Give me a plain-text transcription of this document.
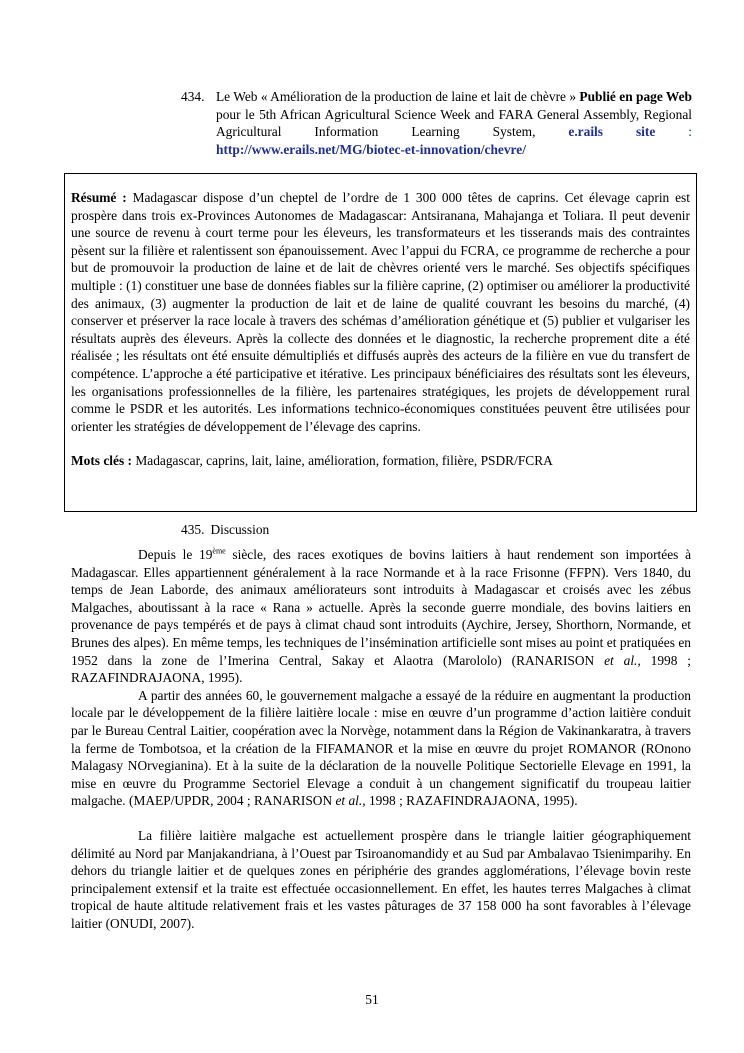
434. Le Web « Amélioration de la production de laine et lait de chèvre » Publié en page Web pour le 5th African Agricultural Science Week and FARA General Assembly, Regional Agricultural Information Learning System, e.rails site : http://www.erails.net/MG/biotec-et-innovation/chevre/

Résumé : Madagascar dispose d’un cheptel de l’ordre de 1 300 000 têtes de caprins. Cet élevage caprin est prospère dans trois ex-Provinces Autonomes de Madagascar: Antsiranana, Mahajanga et Toliara. Il peut devenir une source de revenu à court terme pour les éleveurs, les transformateurs et les tisserands mais des contraintes pèsent sur la filière et ralentissent son épanouissement. Avec l’appui du FCRA, ce programme de recherche a pour but de promouvoir la production de laine et de lait de chèvres orienté vers le marché. Ses objectifs spécifiques multiple : (1) constituer une base de données fiables sur la filière caprine, (2) optimiser ou améliorer la productivité des animaux, (3) augmenter la production de lait et de laine de qualité couvrant les besoins du marché, (4) conserver et préserver la race locale à travers des schémas d’amélioration génétique et (5) publier et vulgariser les résultats auprès des éleveurs. Après la collecte des données et le diagnostic, la recherche proprement dite a été réalisée ; les résultats ont été ensuite démultipliés et diffusés auprès des acteurs de la filière en vue du transfert de compétence. L’approche a été participative et itérative. Les principaux bénéficiaires des résultats sont les éleveurs, les organisations professionnelles de la filière, les partenaires stratégiques, les projets de développement rural comme le PSDR et les autorités. Les informations technico-économiques constituées peuvent être utilisées pour orienter les stratégies de développement de l’élevage des caprins.

Mots clés : Madagascar, caprins, lait, laine, amélioration, formation, filière, PSDR/FCRA

435. Discussion

Depuis le 19ème siècle, des races exotiques de bovins laitiers à haut rendement son importées à Madagascar. Elles appartiennent généralement à la race Normande et à la race Frisonne (FFPN). Vers 1840, du temps de Jean Laborde, des animaux améliorateurs sont introduits à Madagascar et croisés avec les zébus Malgaches, aboutissant à la race « Rana » actuelle. Après la seconde guerre mondiale, des bovins laitiers en provenance de pays tempérés et de pays à climat chaud sont introduits (Aychire, Jersey, Shorthorn, Normande, et Brunes des alpes). En même temps, les techniques de l’insémination artificielle sont mises au point et pratiquées en 1952 dans la zone de l’Imerina Central, Sakay et Alaotra (Marololo) (RANARISON et al., 1998 ; RAZAFINDRAJAONA, 1995).

A partir des années 60, le gouvernement malgache a essayé de la réduire en augmentant la production locale par le développement de la filière laitière locale : mise en œuvre d’un programme d’action laitière conduit par le Bureau Central Laitier, coopération avec la Norvège, notamment dans la Région de Vakinankaratra, à travers la ferme de Tombotsoa, et la création de la FIFAMANOR et la mise en œuvre du projet ROMANOR (ROnono Malagasy NOrvegianina). Et à la suite de la déclaration de la nouvelle Politique Sectorielle Elevage en 1991, la mise en œuvre du Programme Sectoriel Elevage a conduit à un changement significatif du troupeau laitier malgache. (MAEP/UPDR, 2004 ; RANARISON et al., 1998 ; RAZAFINDRAJAONA, 1995).

La filière laitière malgache est actuellement prospère dans le triangle laitier géographiquement délimité au Nord par Manjakandriana, à l’Ouest par Tsiroanomandidy et au Sud par Ambalavao Tsienimparihy. En dehors du triangle laitier et de quelques zones en périphérie des grandes agglomérations, l’élevage bovin reste principalement extensif et la traite est effectuée occasionnellement. En effet, les hautes terres Malgaches à climat tropical de haute altitude relativement frais et les vastes pâturages de 37 158 000 ha sont favorables à l’élevage laitier (ONUDI, 2007).

51
